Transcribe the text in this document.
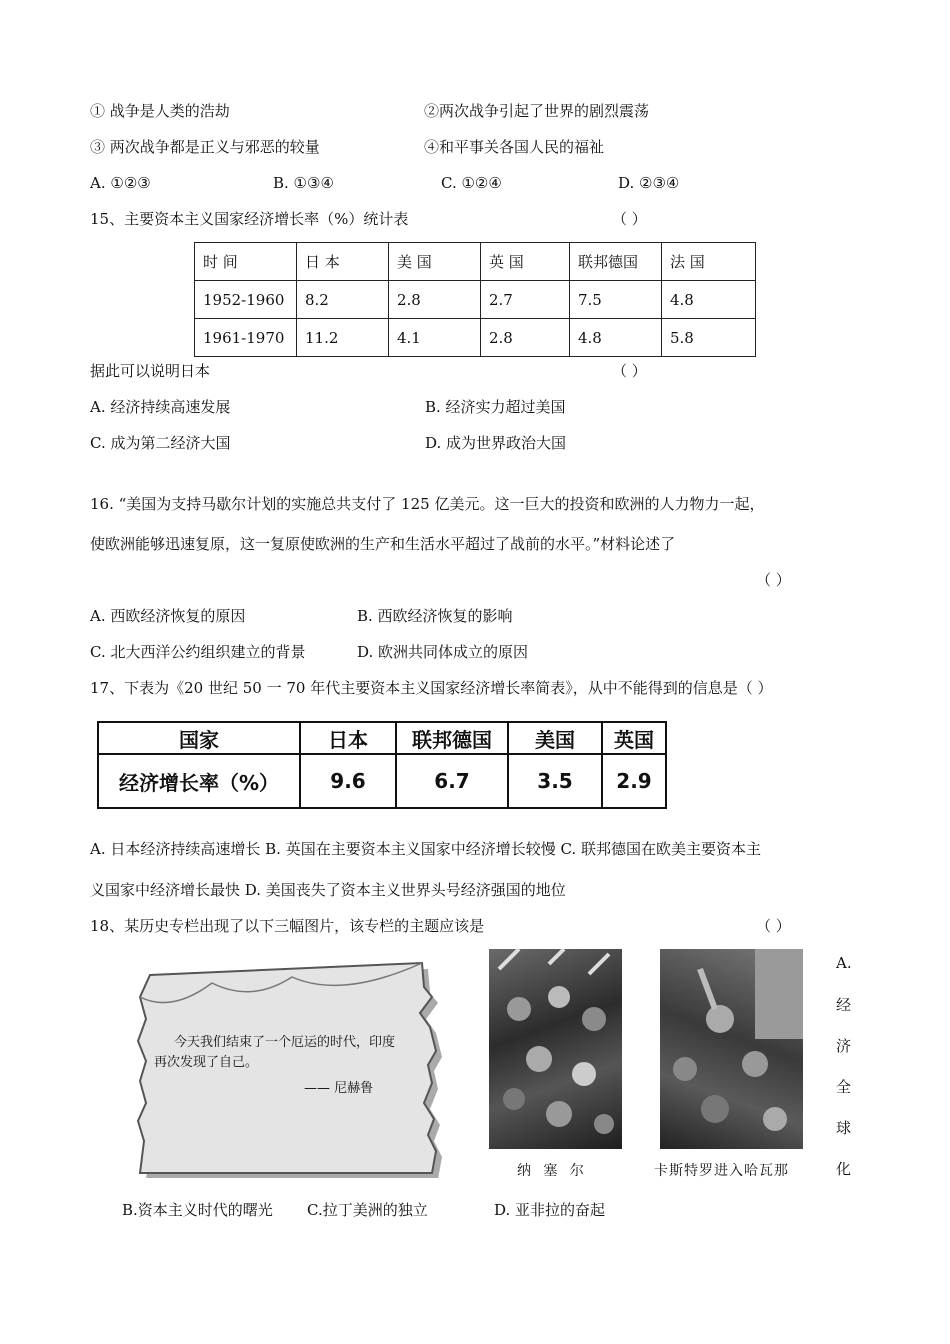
① 战争是人类的浩劫	②两次战争引起了世界的剧烈震荡
③ 两次战争都是正义与邪恶的较量	④和平事关各国人民的福祉
A. ①②③	B. ①③④	C. ①②④	D. ②③④
15、主要资本主义国家经济增长率（%）统计表	（ ）
时 间	日 本	美 国	英 国	联邦德国	法 国
1952-1960	8.2	2.8	2.7	7.5	4.8
1961-1970	11.2	4.1	2.8	4.8	5.8
据此可以说明日本	（ ）
A. 经济持续高速发展	B. 经济实力超过美国
C. 成为第二经济大国	D. 成为世界政治大国
16. “美国为支持马歇尔计划的实施总共支付了 125 亿美元。这一巨大的投资和欧洲的人力物力一起，
使欧洲能够迅速复原，这一复原使欧洲的生产和生活水平超过了战前的水平。”材料论述了
（ ）
A. 西欧经济恢复的原因	B. 西欧经济恢复的影响
C. 北大西洋公约组织建立的背景	D. 欧洲共同体成立的原因
17、下表为《20 世纪 50 一 70 年代主要资本主义国家经济增长率简表》，从中不能得到的信息是（ ）
国家	日本	联邦德国	美国	英国
经济增长率（%）	9.6	6.7	3.5	2.9
A. 日本经济持续高速增长 B. 英国在主要资本主义国家中经济增长较慢 C. 联邦德国在欧美主要资本主
义国家中经济增长最快 D. 美国丧失了资本主义世界头号经济强国的地位
18、某历史专栏出现了以下三幅图片，该专栏的主题应该是	（ ）
今天我们结束了一个厄运的时代，印度
再次发现了自己。
—— 尼赫鲁
纳 塞 尔	卡斯特罗进入哈瓦那
A.
经
济
全
球
化
B.资本主义时代的曙光 C.拉丁美洲的独立	D. 亚非拉的奋起
